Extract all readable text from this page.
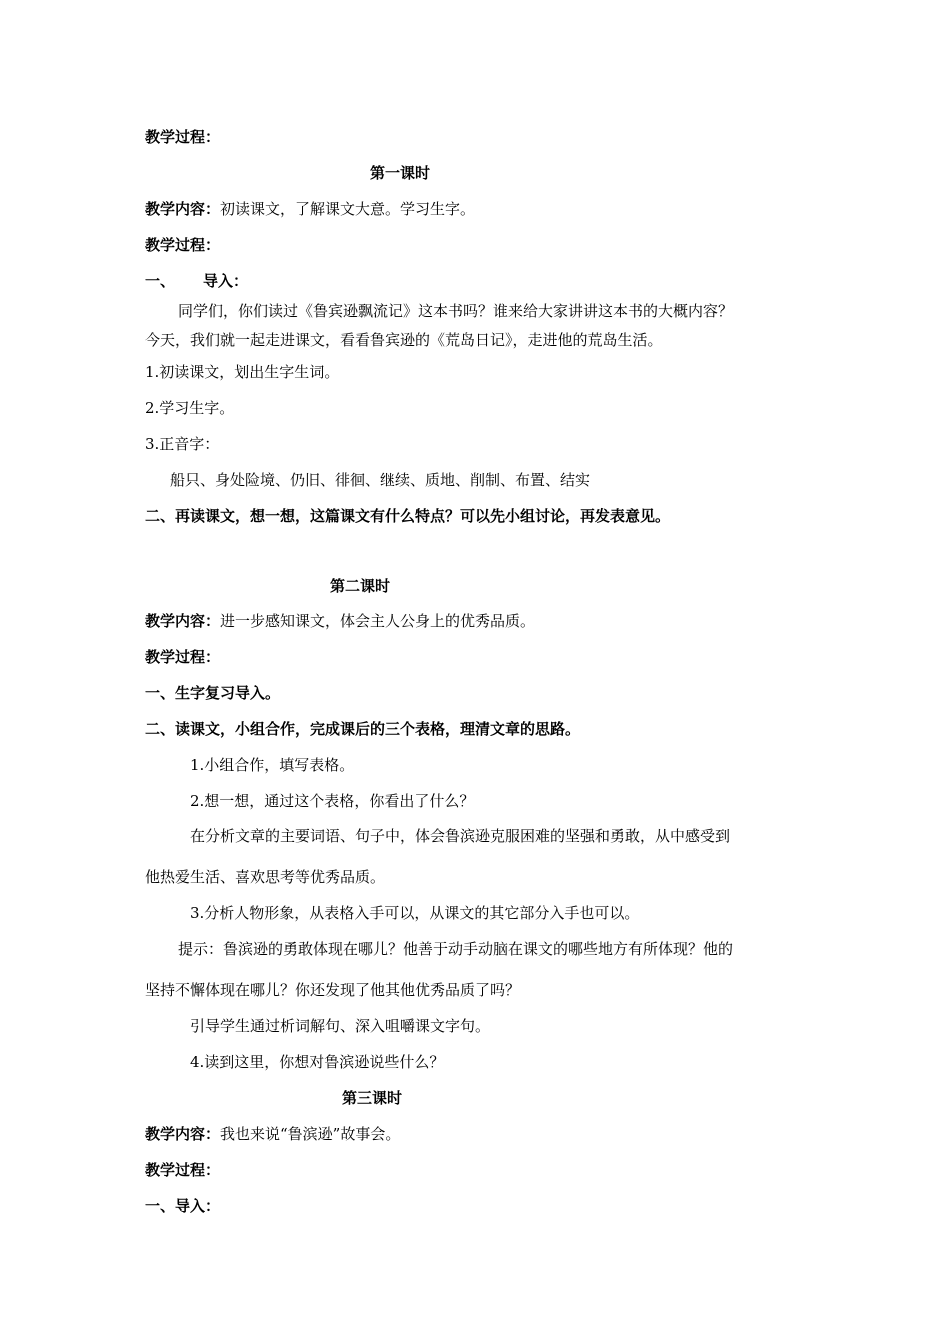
教学过程：
第一课时
教学内容：初读课文，了解课文大意。学习生字。
教学过程：
一、 导入：
同学们，你们读过《鲁宾逊飘流记》这本书吗？谁来给大家讲讲这本书的大概内容？
今天，我们就一起走进课文，看看鲁宾逊的《荒岛日记》，走进他的荒岛生活。
1.初读课文，划出生字生词。
2.学习生字。
3.正音字：
船只、身处险境、仍旧、徘徊、继续、质地、削制、布置、结实
二、再读课文，想一想，这篇课文有什么特点？可以先小组讨论，再发表意见。
第二课时
教学内容：进一步感知课文，体会主人公身上的优秀品质。
教学过程：
一、生字复习导入。
二、读课文，小组合作，完成课后的三个表格，理清文章的思路。
1.小组合作，填写表格。
2.想一想，通过这个表格，你看出了什么？
在分析文章的主要词语、句子中，体会鲁滨逊克服困难的坚强和勇敢，从中感受到
他热爱生活、喜欢思考等优秀品质。
3.分析人物形象，从表格入手可以，从课文的其它部分入手也可以。
提示：鲁滨逊的勇敢体现在哪儿？他善于动手动脑在课文的哪些地方有所体现？他的
坚持不懈体现在哪儿？你还发现了他其他优秀品质了吗？
引导学生通过析词解句、深入咀嚼课文字句。
4.读到这里，你想对鲁滨逊说些什么？
第三课时
教学内容：我也来说“鲁滨逊”故事会。
教学过程：
一、导入：
